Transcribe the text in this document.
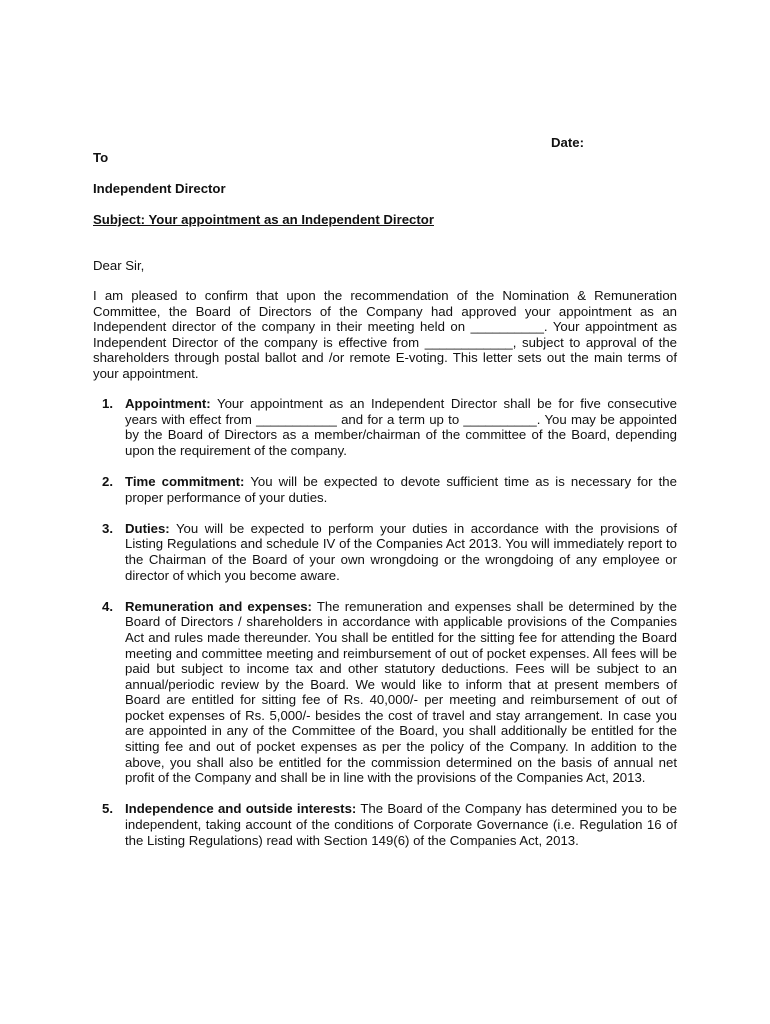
Date:
To
Independent Director
Subject: Your appointment as an Independent Director
Dear Sir,

I am pleased to confirm that upon the recommendation of the Nomination & Remuneration Committee, the Board of Directors of the Company had approved your appointment as an Independent director of the company in their meeting held on __________. Your appointment as Independent Director of the company is effective from ____________, subject to approval of the shareholders through postal ballot and /or remote E-voting. This letter sets out the main terms of your appointment.

1. Appointment: Your appointment as an Independent Director shall be for five consecutive years with effect from ___________ and for a term up to __________. You may be appointed by the Board of Directors as a member/chairman of the committee of the Board, depending upon the requirement of the company.
2. Time commitment: You will be expected to devote sufficient time as is necessary for the proper performance of your duties.
3. Duties: You will be expected to perform your duties in accordance with the provisions of Listing Regulations and schedule IV of the Companies Act 2013. You will immediately report to the Chairman of the Board of your own wrongdoing or the wrongdoing of any employee or director of which you become aware.
4. Remuneration and expenses: The remuneration and expenses shall be determined by the Board of Directors / shareholders in accordance with applicable provisions of the Companies Act and rules made thereunder. You shall be entitled for the sitting fee for attending the Board meeting and committee meeting and reimbursement of out of pocket expenses. All fees will be paid but subject to income tax and other statutory deductions. Fees will be subject to an annual/periodic review by the Board. We would like to inform that at present members of Board are entitled for sitting fee of Rs. 40,000/- per meeting and reimbursement of out of pocket expenses of Rs. 5,000/- besides the cost of travel and stay arrangement. In case you are appointed in any of the Committee of the Board, you shall additionally be entitled for the sitting fee and out of pocket expenses as per the policy of the Company. In addition to the above, you shall also be entitled for the commission determined on the basis of annual net profit of the Company and shall be in line with the provisions of the Companies Act, 2013.
5. Independence and outside interests: The Board of the Company has determined you to be independent, taking account of the conditions of Corporate Governance (i.e. Regulation 16 of the Listing Regulations) read with Section 149(6) of the Companies Act, 2013.
